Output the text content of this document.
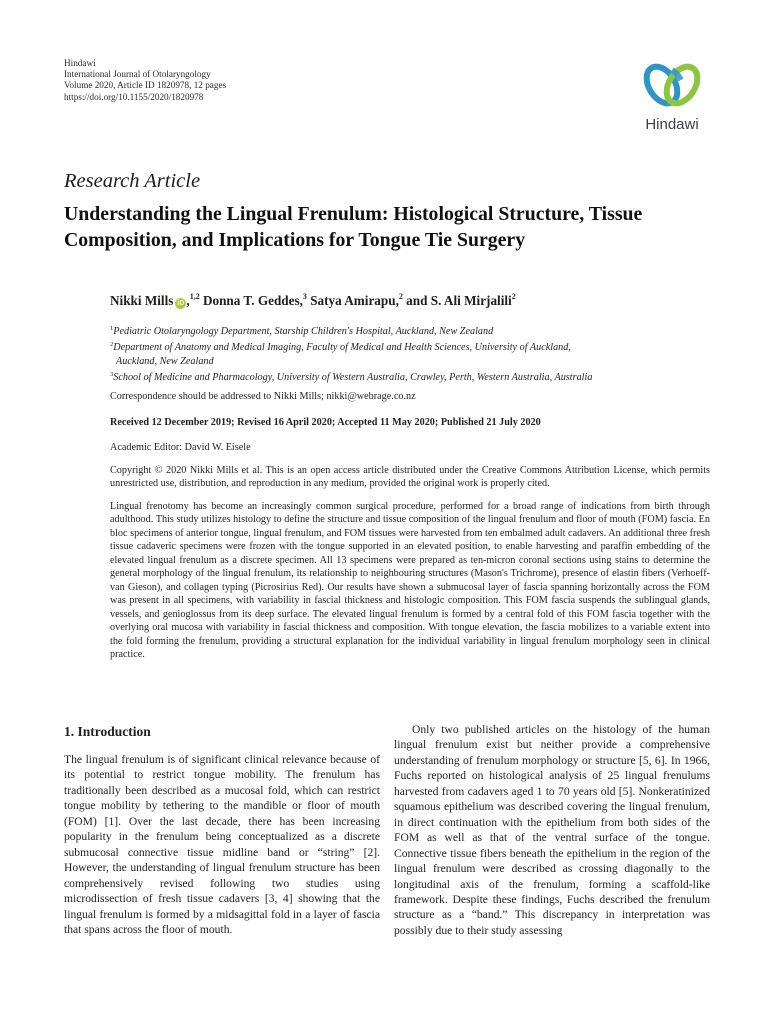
Hindawi
International Journal of Otolaryngology
Volume 2020, Article ID 1820978, 12 pages
https://doi.org/10.1155/2020/1820978
Hindawi
Research Article
Understanding the Lingual Frenulum: Histological Structure, Tissue Composition, and Implications for Tongue Tie Surgery
Nikki Mills iD ,$^{1,2}$ Donna T. Geddes,$^3$ Satya Amirapu,$^2$ and S. Ali Mirjalili$^2$
$^1$Pediatric Otolaryngology Department, Starship Children's Hospital, Auckland, New Zealand
$^2$Department of Anatomy and Medical Imaging, Faculty of Medical and Health Sciences, University of Auckland,
Auckland, New Zealand
$^3$School of Medicine and Pharmacology, University of Western Australia, Crawley, Perth, Western Australia, Australia
Correspondence should be addressed to Nikki Mills; nikki@webrage.co.nz
Received 12 December 2019; Revised 16 April 2020; Accepted 11 May 2020; Published 21 July 2020
Academic Editor: David W. Eisele
Copyright © 2020 Nikki Mills et al. This is an open access article distributed under the Creative Commons Attribution License, which permits unrestricted use, distribution, and reproduction in any medium, provided the original work is properly cited.
Lingual frenotomy has become an increasingly common surgical procedure, performed for a broad range of indications from birth through adulthood. This study utilizes histology to define the structure and tissue composition of the lingual frenulum and floor of mouth (FOM) fascia. En bloc specimens of anterior tongue, lingual frenulum, and FOM tissues were harvested from ten embalmed adult cadavers. An additional three fresh tissue cadaveric specimens were frozen with the tongue supported in an elevated position, to enable harvesting and paraffin embedding of the elevated lingual frenulum as a discrete specimen. All 13 specimens were prepared as ten-micron coronal sections using stains to determine the general morphology of the lingual frenulum, its relationship to neighbouring structures (Mason's Trichrome), presence of elastin fibers (Verhoeff-van Gieson), and collagen typing (Picrosirius Red). Our results have shown a submucosal layer of fascia spanning horizontally across the FOM was present in all specimens, with variability in fascial thickness and histologic composition. This FOM fascia suspends the sublingual glands, vessels, and genioglossus from its deep surface. The elevated lingual frenulum is formed by a central fold of this FOM fascia together with the overlying oral mucosa with variability in fascial thickness and composition. With tongue elevation, the fascia mobilizes to a variable extent into the fold forming the frenulum, providing a structural explanation for the individual variability in lingual frenulum morphology seen in clinical practice.
1. Introduction
The lingual frenulum is of significant clinical relevance because of its potential to restrict tongue mobility. The frenulum has traditionally been described as a mucosal fold, which can restrict tongue mobility by tethering to the mandible or floor of mouth (FOM) [1]. Over the last decade, there has been increasing popularity in the frenulum being conceptualized as a discrete submucosal connective tissue midline band or “string” [2]. However, the understanding of lingual frenulum structure has been comprehensively revised following two studies using microdissection of fresh tissue cadavers [3, 4] showing that the lingual frenulum is formed by a midsagittal fold in a layer of fascia that spans across the floor of mouth.
Only two published articles on the histology of the human lingual frenulum exist but neither provide a comprehensive understanding of frenulum morphology or structure [5, 6]. In 1966, Fuchs reported on histological analysis of 25 lingual frenulums harvested from cadavers aged 1 to 70 years old [5]. Nonkeratinized squamous epithelium was described covering the lingual frenulum, in direct continuation with the epithelium from both sides of the FOM as well as that of the ventral surface of the tongue. Connective tissue fibers beneath the epithelium in the region of the lingual frenulum were described as crossing diagonally to the longitudinal axis of the frenulum, forming a scaffold-like framework. Despite these findings, Fuchs described the frenulum structure as a “band.” This discrepancy in interpretation was possibly due to their study assessing
